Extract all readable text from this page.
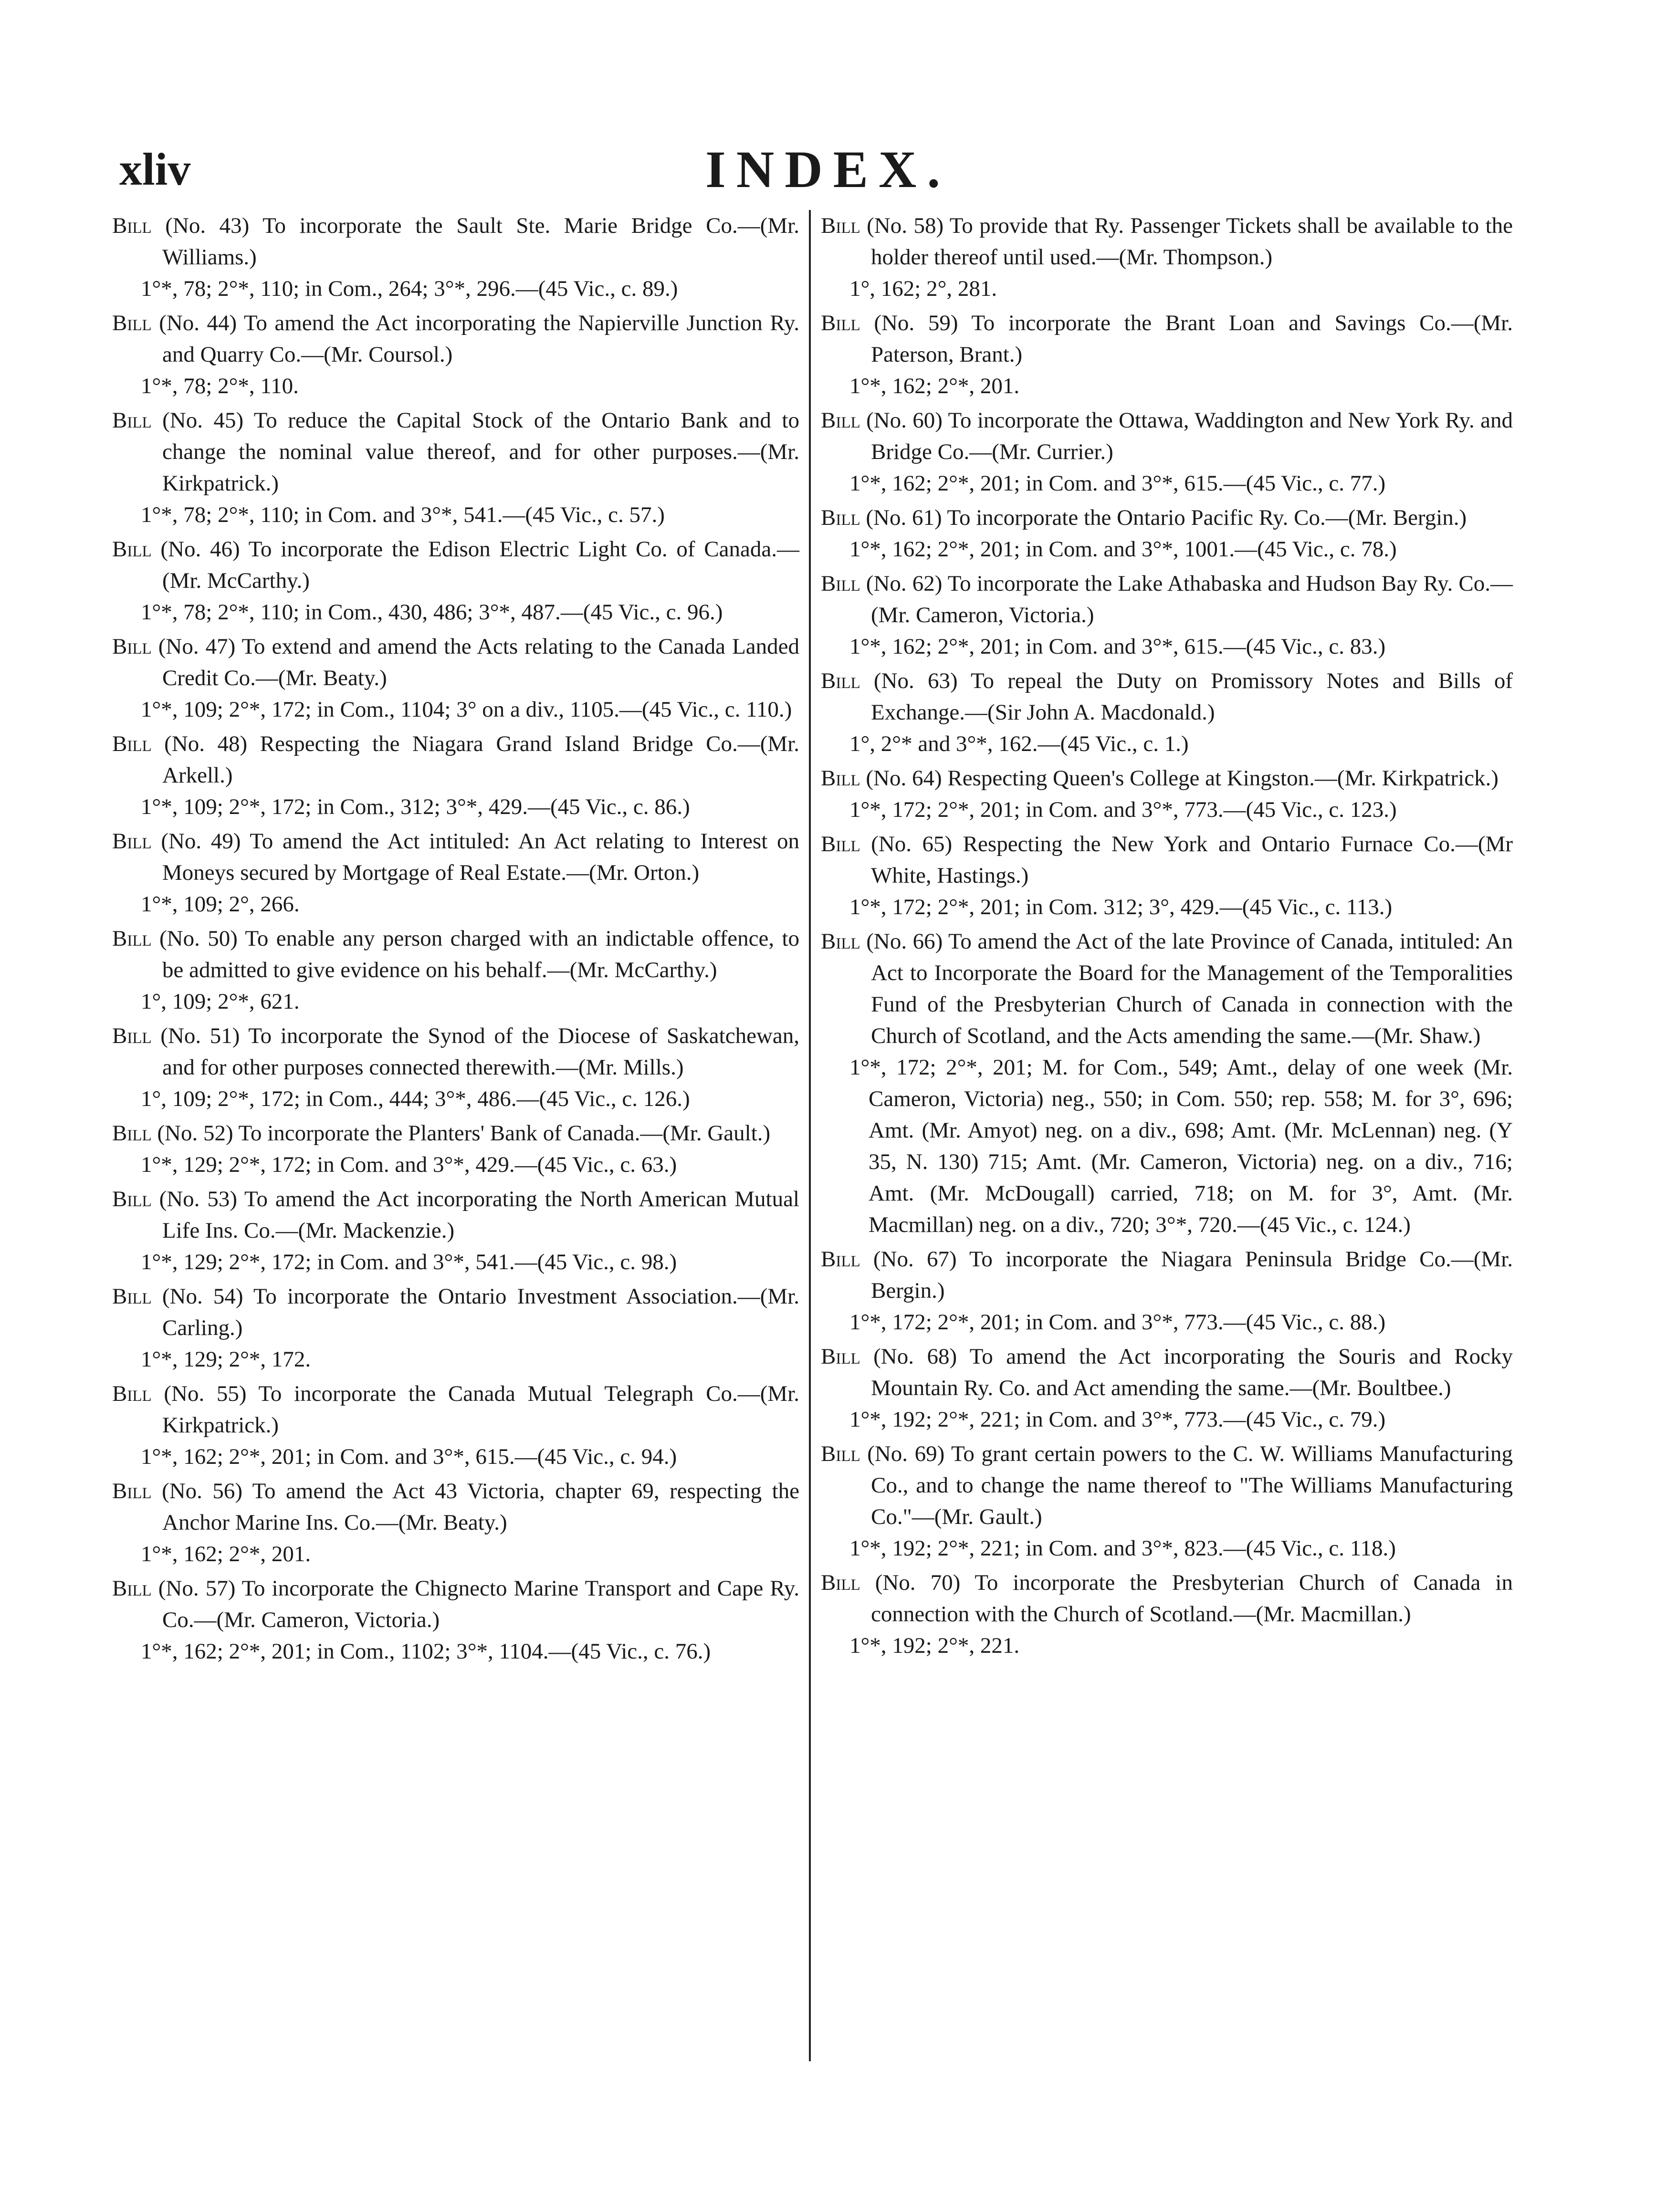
xliv	INDEX.

Bill (No. 43) To incorporate the Sault Ste. Marie Bridge Co.—(Mr. Williams.)

1°*, 78; 2°*, 110; in Com., 264; 3°*, 296.—(45 Vic., c. 89.)

Bill (No. 44) To amend the Act incorporating the Napierville Junction Ry. and Quarry Co.—(Mr. Coursol.)

1°*, 78; 2°*, 110.

Bill (No. 45) To reduce the Capital Stock of the Ontario Bank and to change the nominal value thereof, and for other purposes.—(Mr. Kirkpatrick.)

1°*, 78; 2°*, 110; in Com. and 3°*, 541.—(45 Vic., c. 57.)

Bill (No. 46) To incorporate the Edison Electric Light Co. of Canada.—(Mr. McCarthy.)

1°*, 78; 2°*, 110; in Com., 430, 486; 3°*, 487.—(45 Vic., c. 96.)

Bill (No. 47) To extend and amend the Acts relating to the Canada Landed Credit Co.—(Mr. Beaty.)

1°*, 109; 2°*, 172; in Com., 1104; 3° on a div., 1105.—(45 Vic., c. 110.)

Bill (No. 48) Respecting the Niagara Grand Island Bridge Co.—(Mr. Arkell.)

1°*, 109; 2°*, 172; in Com., 312; 3°*, 429.—(45 Vic., c. 86.)

Bill (No. 49) To amend the Act intituled: An Act relating to Interest on Moneys secured by Mortgage of Real Estate.—(Mr. Orton.)

1°*, 109; 2°, 266.

Bill (No. 50) To enable any person charged with an indictable offence, to be admitted to give evidence on his behalf.—(Mr. McCarthy.)

1°, 109; 2°*, 621.

Bill (No. 51) To incorporate the Synod of the Diocese of Saskatchewan, and for other purposes connected therewith.—(Mr. Mills.)

1°, 109; 2°*, 172; in Com., 444; 3°*, 486.—(45 Vic., c. 126.)

Bill (No. 52) To incorporate the Planters' Bank of Canada.—(Mr. Gault.)

1°*, 129; 2°*, 172; in Com. and 3°*, 429.—(45 Vic., c. 63.)

Bill (No. 53) To amend the Act incorporating the North American Mutual Life Ins. Co.—(Mr. Mackenzie.)

1°*, 129; 2°*, 172; in Com. and 3°*, 541.—(45 Vic., c. 98.)

Bill (No. 54) To incorporate the Ontario Investment Association.—(Mr. Carling.)

1°*, 129; 2°*, 172.

Bill (No. 55) To incorporate the Canada Mutual Telegraph Co.—(Mr. Kirkpatrick.)

1°*, 162; 2°*, 201; in Com. and 3°*, 615.—(45 Vic., c. 94.)

Bill (No. 56) To amend the Act 43 Victoria, chapter 69, respecting the Anchor Marine Ins. Co.—(Mr. Beaty.)

1°*, 162; 2°*, 201.

Bill (No. 57) To incorporate the Chignecto Marine Transport and Cape Ry. Co.—(Mr. Cameron, Victoria.)

1°*, 162; 2°*, 201; in Com., 1102; 3°*, 1104.—(45 Vic., c. 76.)

Bill (No. 58) To provide that Ry. Passenger Tickets shall be available to the holder thereof until used.—(Mr. Thompson.)

1°, 162; 2°, 281.

Bill (No. 59) To incorporate the Brant Loan and Savings Co.—(Mr. Paterson, Brant.)

1°*, 162; 2°*, 201.

Bill (No. 60) To incorporate the Ottawa, Waddington and New York Ry. and Bridge Co.—(Mr. Currier.)

1°*, 162; 2°*, 201; in Com. and 3°*, 615.—(45 Vic., c. 77.)

Bill (No. 61) To incorporate the Ontario Pacific Ry. Co.—(Mr. Bergin.)

1°*, 162; 2°*, 201; in Com. and 3°*, 1001.—(45 Vic., c. 78.)

Bill (No. 62) To incorporate the Lake Athabaska and Hudson Bay Ry. Co.—(Mr. Cameron, Victoria.)

1°*, 162; 2°*, 201; in Com. and 3°*, 615.—(45 Vic., c. 83.)

Bill (No. 63) To repeal the Duty on Promissory Notes and Bills of Exchange.—(Sir John A. Macdonald.)

1°, 2°* and 3°*, 162.—(45 Vic., c. 1.)

Bill (No. 64) Respecting Queen's College at Kingston.—(Mr. Kirkpatrick.)

1°*, 172; 2°*, 201; in Com. and 3°*, 773.—(45 Vic., c. 123.)

Bill (No. 65) Respecting the New York and Ontario Furnace Co.—(Mr White, Hastings.)

1°*, 172; 2°*, 201; in Com. 312; 3°, 429.—(45 Vic., c. 113.)

Bill (No. 66) To amend the Act of the late Province of Canada, intituled: An Act to Incorporate the Board for the Management of the Temporalities Fund of the Presbyterian Church of Canada in connection with the Church of Scotland, and the Acts amending the same.—(Mr. Shaw.)

1°*, 172; 2°*, 201; M. for Com., 549; Amt., delay of one week (Mr. Cameron, Victoria) neg., 550; in Com. 550; rep. 558; M. for 3°, 696; Amt. (Mr. Amyot) neg. on a div., 698; Amt. (Mr. McLennan) neg. (Y 35, N. 130) 715; Amt. (Mr. Cameron, Victoria) neg. on a div., 716; Amt. (Mr. McDougall) carried, 718; on M. for 3°, Amt. (Mr. Macmillan) neg. on a div., 720; 3°*, 720.—(45 Vic., c. 124.)

Bill (No. 67) To incorporate the Niagara Peninsula Bridge Co.—(Mr. Bergin.)

1°*, 172; 2°*, 201; in Com. and 3°*, 773.—(45 Vic., c. 88.)

Bill (No. 68) To amend the Act incorporating the Souris and Rocky Mountain Ry. Co. and Act amending the same.—(Mr. Boultbee.)

1°*, 192; 2°*, 221; in Com. and 3°*, 773.—(45 Vic., c. 79.)

Bill (No. 69) To grant certain powers to the C. W. Williams Manufacturing Co., and to change the name thereof to "The Williams Manufacturing Co."—(Mr. Gault.)

1°*, 192; 2°*, 221; in Com. and 3°*, 823.—(45 Vic., c. 118.)

Bill (No. 70) To incorporate the Presbyterian Church of Canada in connection with the Church of Scotland.—(Mr. Macmillan.)

1°*, 192; 2°*, 221.
